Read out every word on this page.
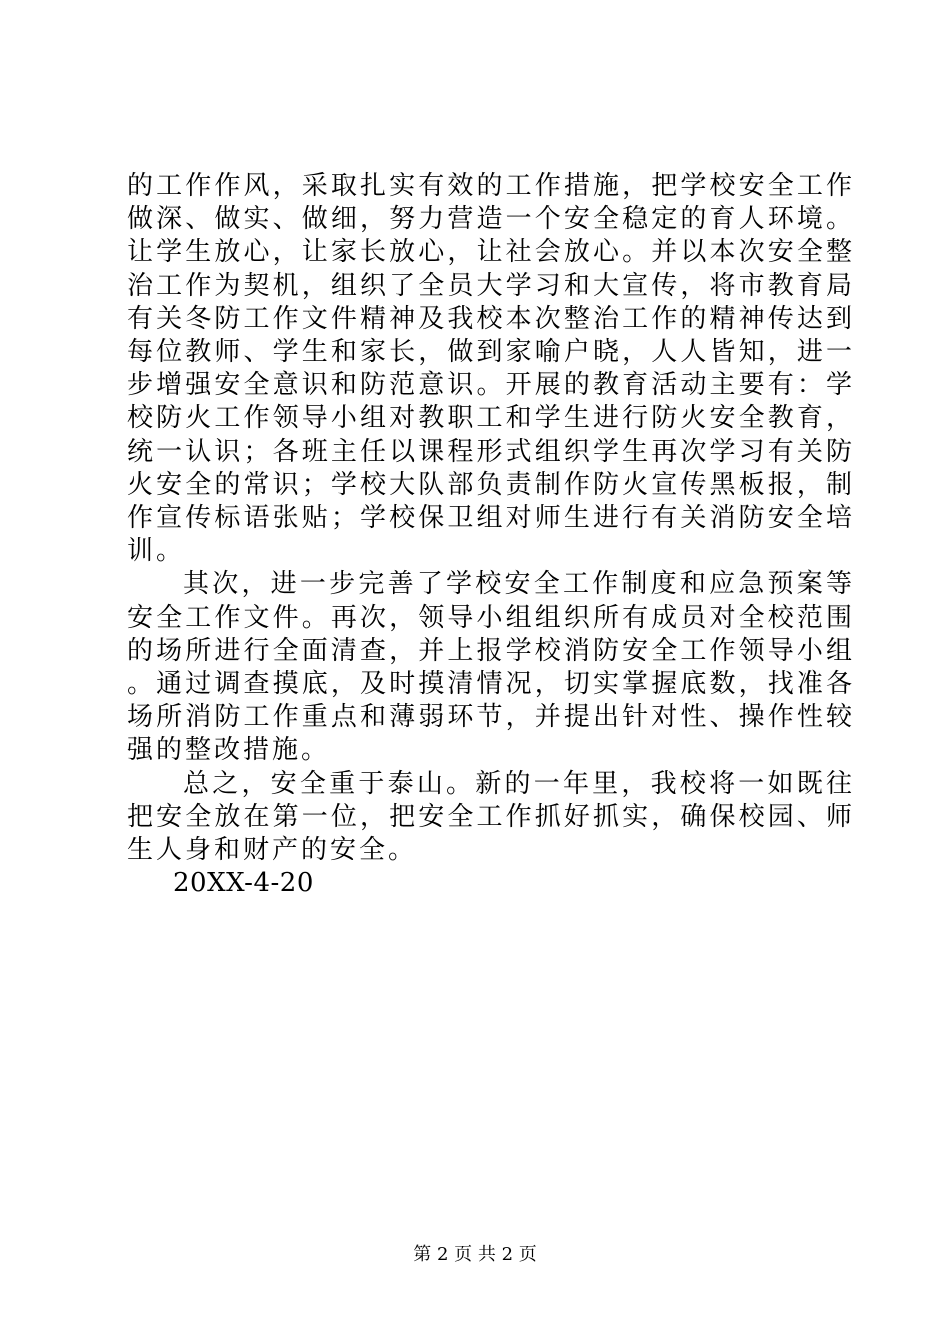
的工作作风，采取扎实有效的工作措施，把学校安全工作做深、做实、做细，努力营造一个安全稳定的育人环境。让学生放心，让家长放心，让社会放心。并以本次安全整治工作为契机，组织了全员大学习和大宣传，将市教育局有关冬防工作文件精神及我校本次整治工作的精神传达到每位教师、学生和家长，做到家喻户晓，人人皆知，进一步增强安全意识和防范意识。开展的教育活动主要有：学校防火工作领导小组对教职工和学生进行防火安全教育，统一认识；各班主任以课程形式组织学生再次学习有关防火安全的常识；学校大队部负责制作防火宣传黑板报，制作宣传标语张贴；学校保卫组对师生进行有关消防安全培训。

其次，进一步完善了学校安全工作制度和应急预案等安全工作文件。再次，领导小组组织所有成员对全校范围的场所进行全面清查，并上报学校消防安全工作领导小组。通过调查摸底，及时摸清情况，切实掌握底数，找准各场所消防工作重点和薄弱环节，并提出针对性、操作性较强的整改措施。

总之，安全重于泰山。新的一年里，我校将一如既往把安全放在第一位，把安全工作抓好抓实，确保校园、师生人身和财产的安全。

20XX-4-20

第 2 页 共 2 页
